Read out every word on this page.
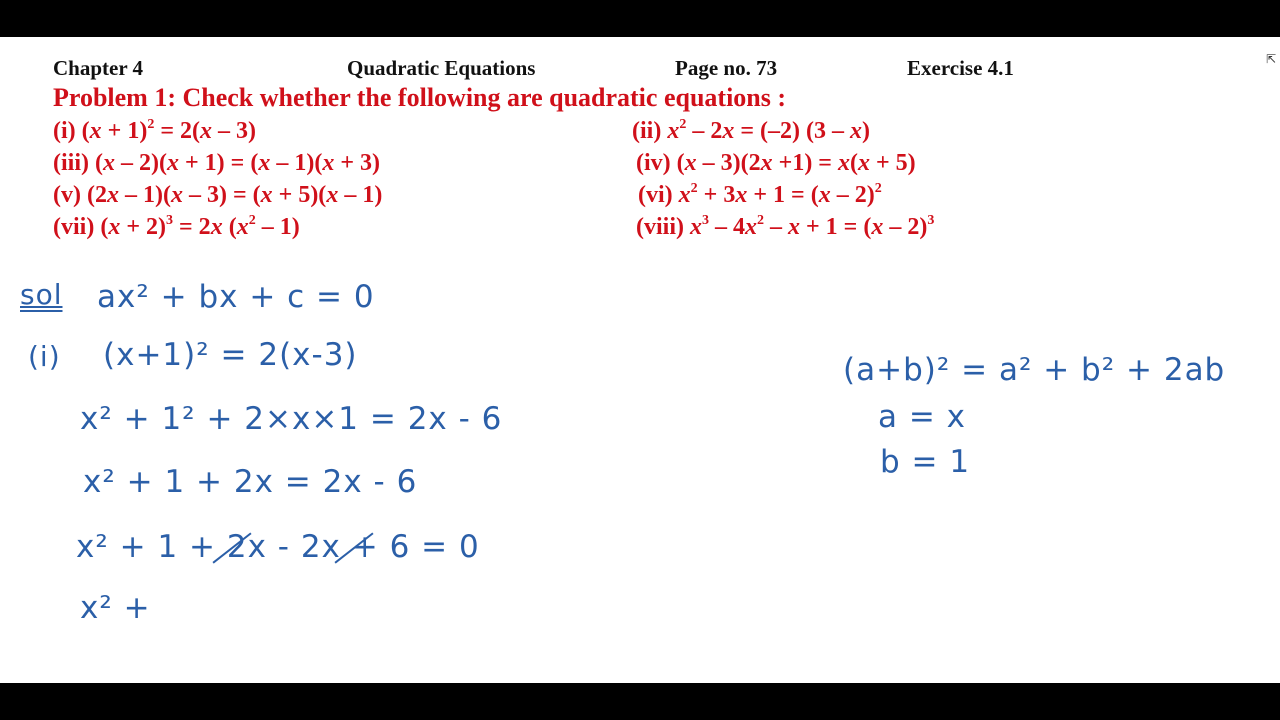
Chapter 4	Quadratic Equations	Page no. 73	Exercise 4.1	⇱
Problem 1: Check whether the following are quadratic equations :
(i) $(x + 1)^2 = 2(x - 3)$	(ii) $x^2 - 2x = (-2)$ (3 – x)
(iii) (x – 2)(x + 1) = (x – 1)(x + 3)	(iv) (x – 3)(2x +1) = x(x + 5)
(v) (2x – 1)(x – 3) = (x + 5)(x – 1)	(vi) $x^2 + 3x + 1 = (x - 2)^2$
(vii) $(x + 2)^3 = 2x$ $(x^2 - 1)$	(viii) $x^3 - 4x^2 - x + 1 = (x - 2)^3$
sol ax² + bx + c = 0
(i) (x+1)² = 2(x-3)
x² + 1² + 2×x×1 = 2x - 6
x² + 1 + 2x = 2x - 6
x² + 1 + 2x - 2x + 6 = 0

x² +
(a+b)² = a² + b² + 2ab
a = x
b = 1
